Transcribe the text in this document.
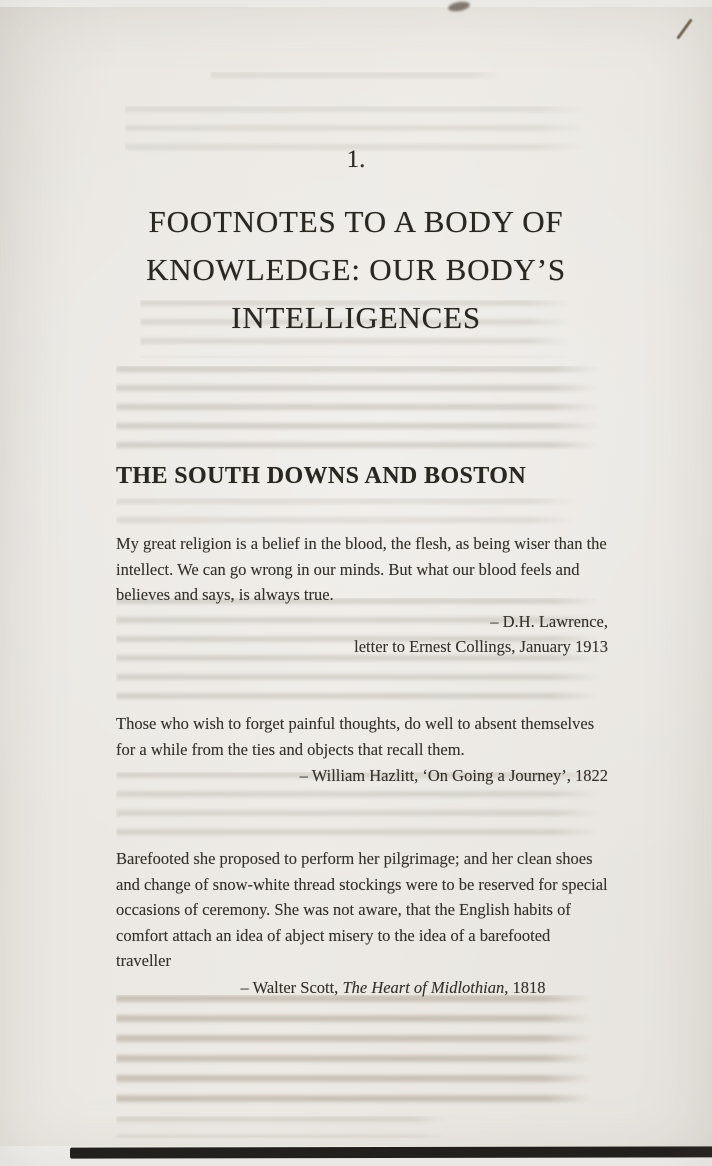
1.
FOOTNOTES TO A BODY OF
KNOWLEDGE: OUR BODY’S
INTELLIGENCES
THE SOUTH DOWNS AND BOSTON

My great religion is a belief in the blood, the flesh, as being wiser than the intellect. We can go wrong in our minds. But what our blood feels and believes and says, is always true.

– D.H. Lawrence,
letter to Ernest Collings, January 1913

Those who wish to forget painful thoughts, do well to absent themselves for a while from the ties and objects that recall them.

– William Hazlitt, ‘On Going a Journey’, 1822

Barefooted she proposed to perform her pilgrimage; and her clean shoes and change of snow-white thread stockings were to be reserved for special occasions of ceremony. She was not aware, that the English habits of comfort attach an idea of abject misery to the idea of a barefooted traveller

– Walter Scott, The Heart of Midlothian, 1818
